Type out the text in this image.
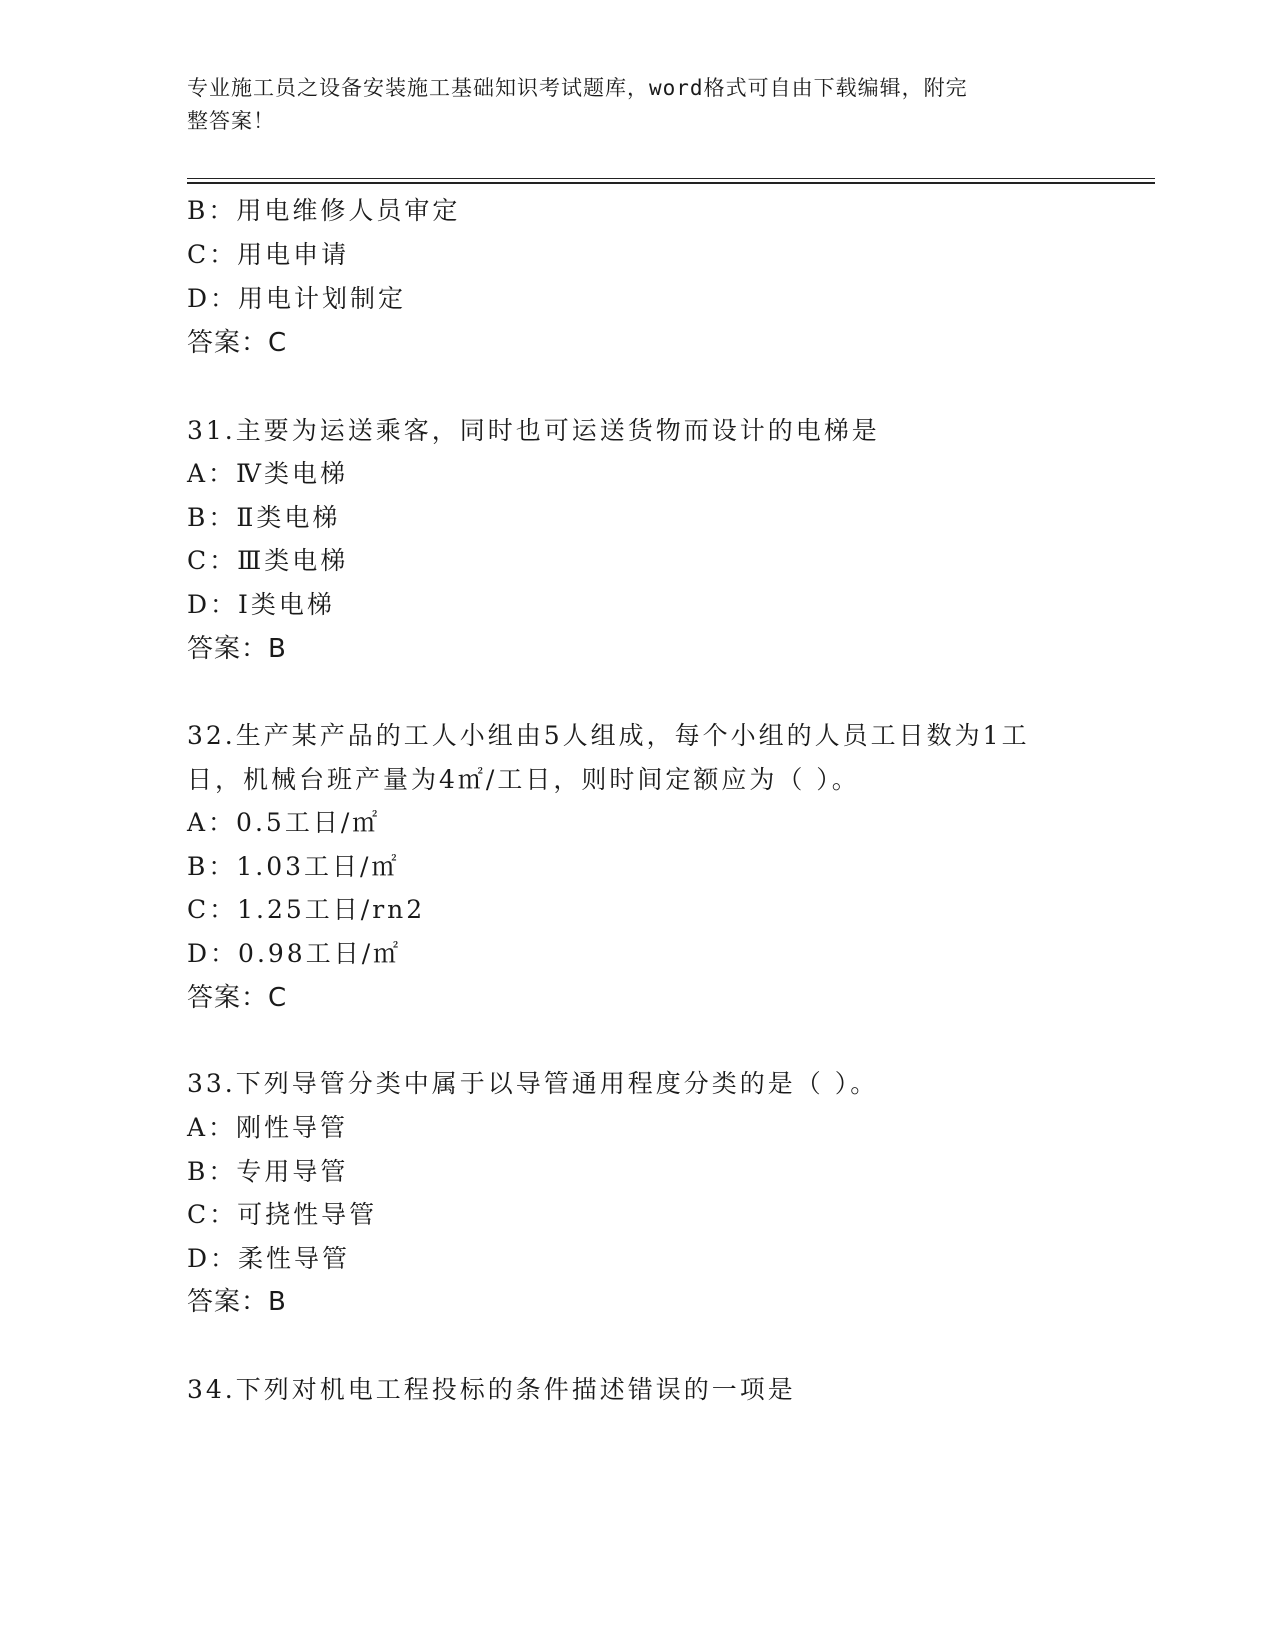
专业施工员之设备安装施工基础知识考试题库，word格式可自由下载编辑，附完
整答案！

B：用电维修人员审定

C：用电申请

D：用电计划制定

答案：C

31.主要为运送乘客，同时也可运送货物而设计的电梯是

A：Ⅳ类电梯

B：Ⅱ类电梯

C：Ⅲ类电梯

D：Ⅰ类电梯

答案：B

32.生产某产品的工人小组由5人组成，每个小组的人员工日数为1工

日，机械台班产量为4㎡/工日，则时间定额应为（ ）。

A：0.5工日/㎡

B：1.03工日/㎡

C：1.25工日/rn2

D：0.98工日/㎡

答案：C

33.下列导管分类中属于以导管通用程度分类的是（ ）。

A：刚性导管

B：专用导管

C：可挠性导管

D：柔性导管

答案：B

34.下列对机电工程投标的条件描述错误的一项是
